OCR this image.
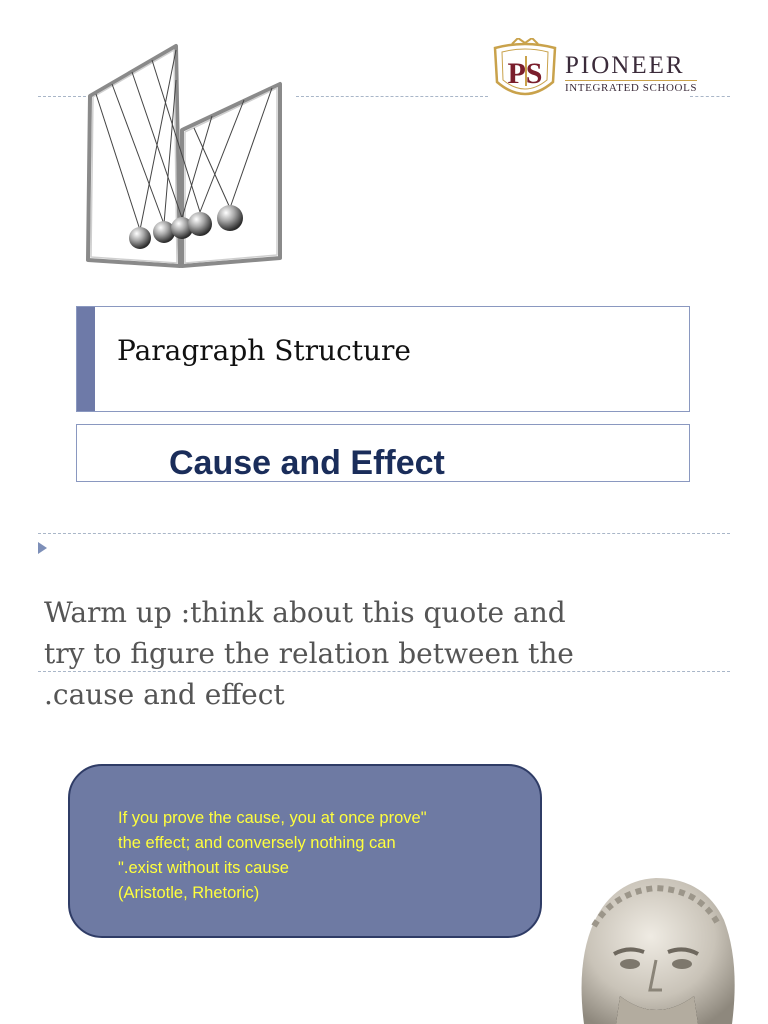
PS PIONEER
INTEGRATED SCHOOLS
Paragraph Structure
Cause and Effect
Warm up :think about this quote and
try to figure the relation between the
.cause and effect
If you prove the cause, you at once prove"
the effect; and conversely nothing can
".exist without its cause
(Aristotle, Rhetoric)
